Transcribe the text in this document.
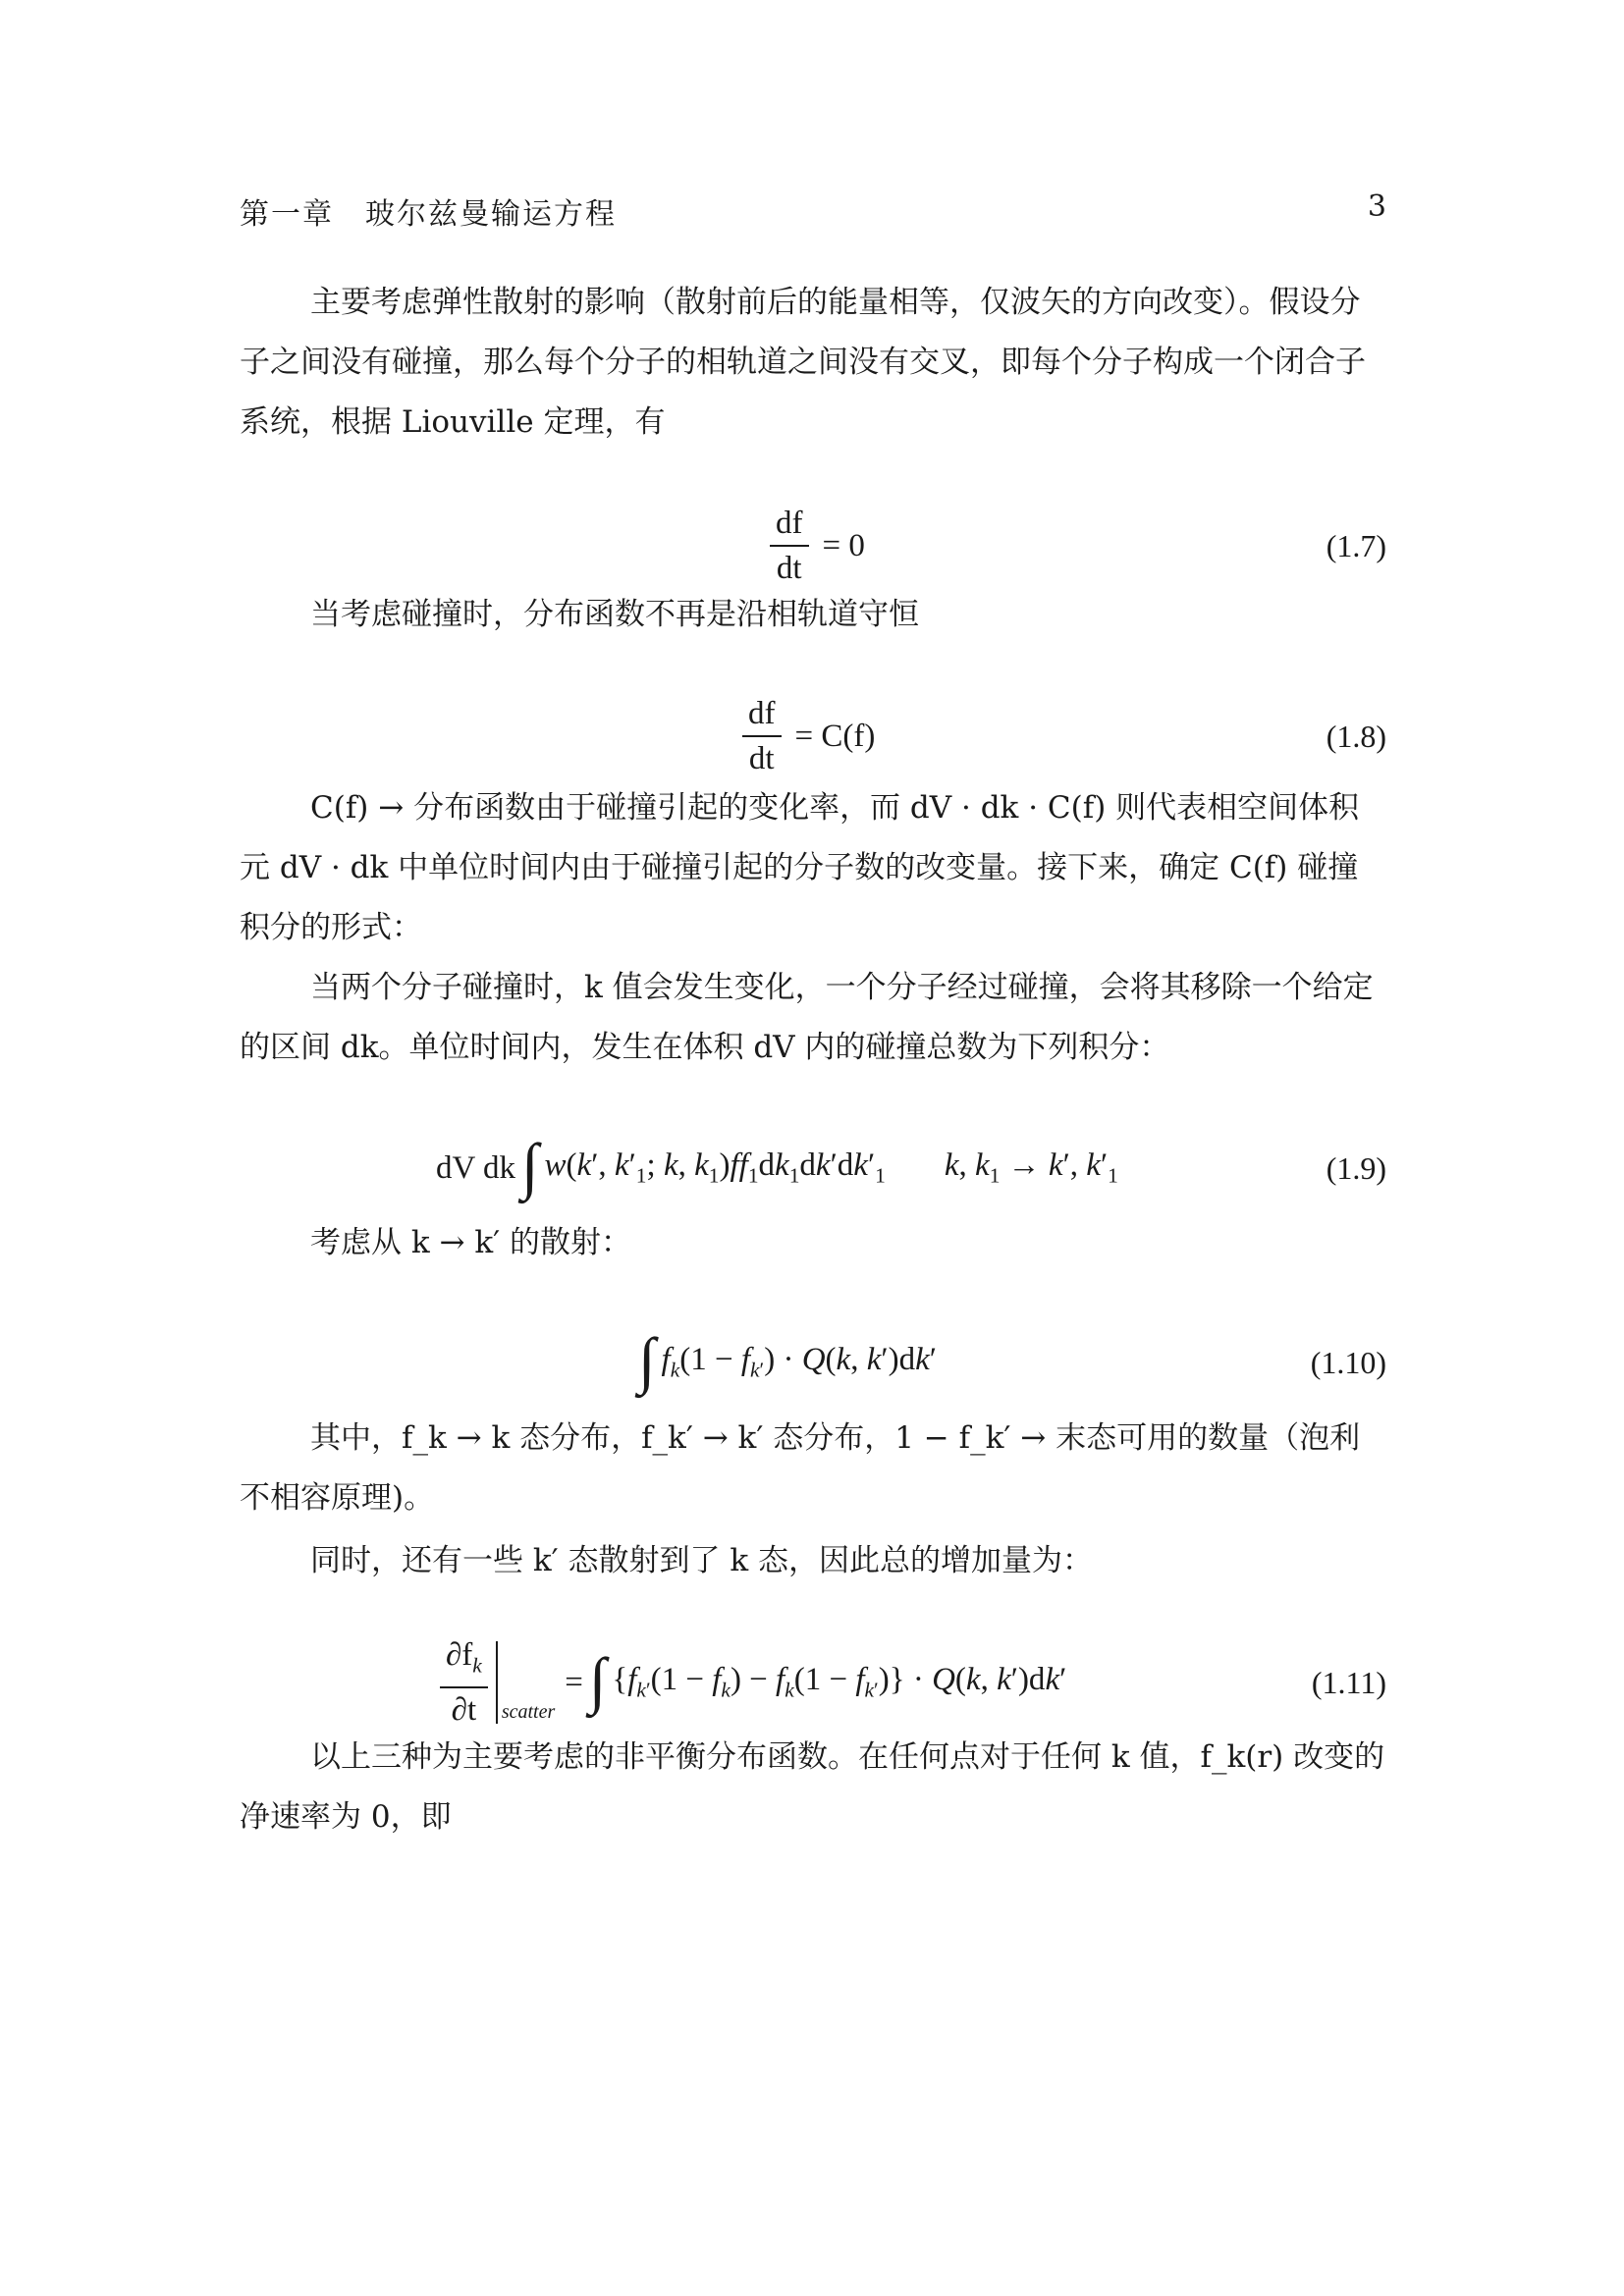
第一章　玻尔兹曼输运方程	3

主要考虑弹性散射的影响（散射前后的能量相等，仅波矢的方向改变）。假设分子之间没有碰撞，那么每个分子的相轨道之间没有交叉，即每个分子构成一个闭合子系统，根据 Liouville 定理，有

$\frac{df}{dt} = 0$	(1.7)

当考虑碰撞时，分布函数不再是沿相轨道守恒

$\frac{df}{dt} = C(f)$	(1.8)

C(f) → 分布函数由于碰撞引起的变化率，而 dV · dk · C(f) 则代表相空间体积元 dV · dk 中单位时间内由于碰撞引起的分子数的改变量。接下来，确定 C(f) 碰撞积分的形式：

当两个分子碰撞时，k 值会发生变化，一个分子经过碰撞，会将其移除一个给定的区间 dk。单位时间内，发生在体积 dV 内的碰撞总数为下列积分：

dV dk ∫ w(k′, $k'_1$; k, $k_1)ff_1dk_1dk'dk'_1$ k, $k_1 \to k'$, $k'_1$	(1.9)

考虑从 k → k′ 的散射：

∫ $f_k(1 - f_{k'}) \cdot Q(k$, k′)dk′	(1.10)

其中，f_k → k 态分布，f_k′ → k′ 态分布，1 − f_k′ → 末态可用的数量（泡利不相容原理)。

同时，还有一些 k′ 态散射到了 k 态，因此总的增加量为：

$\frac{\partial f_k}{\partial t}$ scatter
= ∫ $\{f_{k'}(1 - f_k) - f_k(1 - f_{k'})\} \cdot Q(k$, k′)dk′	(1.11)

以上三种为主要考虑的非平衡分布函数。在任何点对于任何 k 值，f_k(r) 改变的净速率为 0，即
